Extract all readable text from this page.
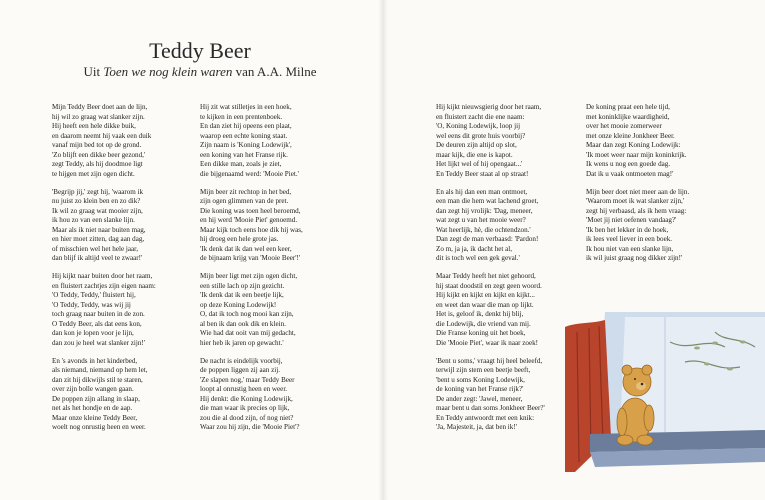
Teddy Beer
Uit Toen we nog klein waren van A.A. Milne
Mijn Teddy Beer doet aan de lijn,
hij wil zo graag wat slanker zijn.
Hij heeft een hele dikke buik,
en daarom neemt hij vaak een duik
vanaf mijn bed tot op de grond.
'Zo blijft een dikke beer gezond,'
zegt Teddy, als hij doodmoe ligt
te hijgen met zijn ogen dicht.
'Begrijp jij,' zegt hij, 'waarom ik
nu juist zo klein ben en zo dik?
Ik wil zo graag wat mooier zijn,
ik hou zo van een slanke lijn.
Maar als ik niet naar buiten mag,
en hier moet zitten, dag aan dag,
of misschien wel het hele jaar,
dan blijf ik altijd veel te zwaar!'
Hij kijkt naar buiten door het raam,
en fluistert zachtjes zijn eigen naam:
'O Teddy, Teddy,' fluistert hij,
'O Teddy, Teddy, was wij jij
toch graag naar buiten in de zon.
O Teddy Beer, als dat eens kon,
dan kon je lopen voor je lijn,
dan zou je heel wat slanker zijn!'
En 's avonds in het kinderbed,
als niemand, niemand op hem let,
dan zit hij dikwijls stil te staren,
over zijn bolle wangen gaan.
De poppen zijn allang in slaap,
net als het hondje en de aap.
Maar onze kleine Teddy Beer,
woelt nog onrustig heen en weer.
Hij zit wat stilletjes in een hoek,
te kijken in een prentenboek.
En dan ziet hij opeens een plaat,
waarop een echte koning staat.
Zijn naam is 'Koning Lodewijk',
een koning van het Franse rijk.
Een dikke man, zoals je ziet,
die bijgenaamd werd: 'Mooie Piet.'
Mijn beer zit rechtop in het bed,
zijn ogen glimmen van de pret.
Die koning was toen heel beroemd,
en hij werd 'Mooie Piet' genoemd.
Maar kijk toch eens hoe dik hij was,
hij droeg een hele grote jas.
'Ik denk dat ik dan wel een keer,
de bijnaam krijg van 'Mooie Beer'!'
Mijn beer ligt met zijn ogen dicht,
een stille lach op zijn gezicht.
'Ik denk dat ik een beetje lijk,
op deze Koning Lodewijk!
O, dat ik toch nog mooi kan zijn,
al ben ik dan ook dik en klein.
Wie had dat ooit van mij gedacht,
hier heb ik jaren op gewacht.'
De nacht is eindelijk voorbij,
de poppen liggen zij aan zij.
'Ze slapen nog,' maar Teddy Beer
loopt al onrustig heen en weer.
Hij denkt: die Koning Lodewijk,
die man waar ik precies op lijk,
zou die al dood zijn, of nog niet?
Waar zou hij zijn, die 'Mooie Piet'?
Hij kijkt nieuwsgierig door het raam,
en fluistert zacht die ene naam:
'O, Koning Lodewijk, loop jij
wel eens dit grote huis voorbij?
De deuren zijn altijd op slot,
maar kijk, die ene is kapot.
Het lijkt wel of hij opengaat...'
En Teddy Beer staat al op straat!
En als hij dan een man ontmoet,
een man die hem wat lachend groet,
dan zegt hij vrolijk: 'Dag, meneer,
wat zegt u van het mooie weer?
Wat heerlijk, hè, die ochtendzon.'
Dan zegt de man verbaasd: 'Pardon!
Zo m, ja ja, ik dacht het al,
dit is toch wel een gek geval.'
Maar Teddy heeft het niet gehoord,
hij staat doodstil en zegt geen woord.
Hij kijkt en kijkt en kijkt en kijkt...
en weet dan waar die man op lijkt.
Het is, geloof ik, denkt hij blij,
die Lodewijk, die vriend van mij.
Die Franse koning uit het boek,
Die 'Mooie Piet', waar ik naar zoek!
'Bent u soms,' vraagt hij heel beleefd,
terwijl zijn stem een beetje beeft,
'bent u soms Koning Lodewijk,
de koning van het Franse rijk?'
De ander zegt: 'Jawel, meneer,
maar bent u dan soms Jonkheer Beer?'
En Teddy antwoordt met een knik:
'Ja, Majesteit, ja, dat ben ik!'
De koning praat een hele tijd,
met koninklijke waardigheid,
over het mooie zomerweer
met onze kleine Jonkheer Beer.
Maar dan zegt Koning Lodewijk:
'Ik moet weer naar mijn koninkrijk.
Ik wens u nog een goede dag.
Dat ik u vaak ontmoeten mag!'
Mijn beer doet niet meer aan de lijn.
'Waarom moet ik wat slanker zijn,'
zegt hij verbaasd, als ik hem vraag:
'Moet jij niet oefenen vandaag?'
'Ik ben het lekker in de hoek,
ik lees veel liever in een boek.
Ik hou niet van een slanke lijn,
ik wil juist graag nog dikker zijn!'
